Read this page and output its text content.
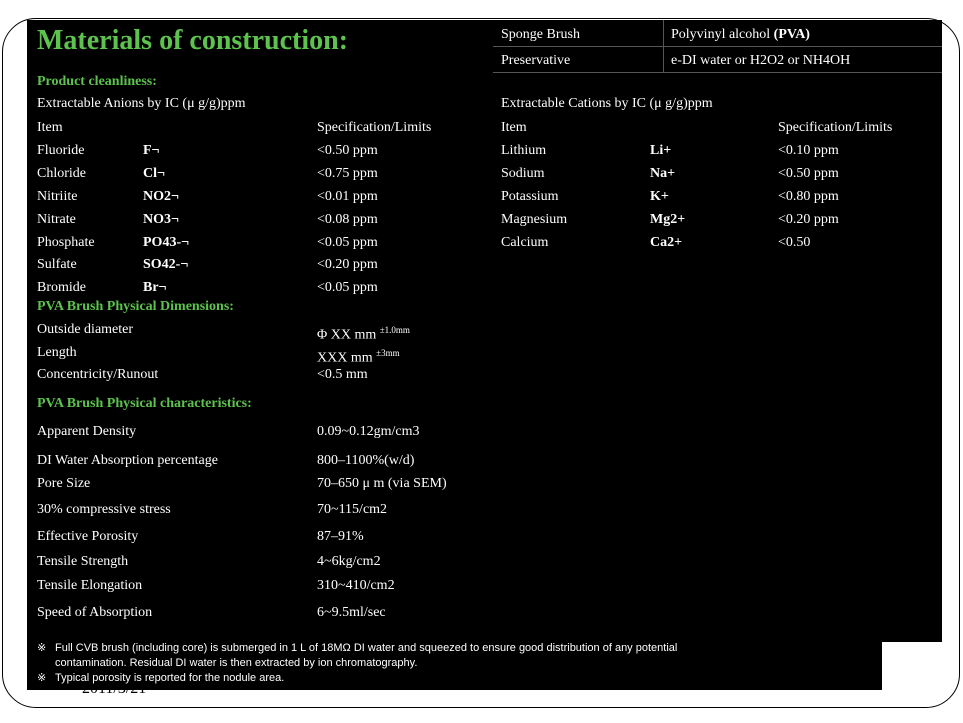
Materials of construction:	Sponge Brush	Polyvinyl alcohol (PVA)
Preservative	e-DI water or H2O2 or NH4OH
Product cleanliness:
Extractable Anions by IC (μ g/g)ppm	Extractable Cations by IC (μ g/g)ppm
Item	Specification/Limits	Item	Specification/Limits
Fluoride	F¬	<0.50 ppm
Chloride	Cl¬	<0.75 ppm
Nitriite	NO2¬	<0.01 ppm
Nitrate	NO3¬	<0.08 ppm
Phosphate	PO43-¬	<0.05 ppm
Sulfate	SO42-¬	<0.20 ppm
Bromide	Br¬	<0.05 ppm
Lithium	Li+	<0.10 ppm
Sodium	Na+	<0.50 ppm
Potassium	K+	<0.80 ppm
Magnesium	Mg2+	<0.20 ppm
Calcium	Ca2+	<0.50
PVA Brush Physical Dimensions:
Outside diameter	Φ XX mm $^{\pm 1.0mm}$
Length	XXX mm $^{\pm 3mm}$
Concentricity/Runout	<0.5 mm
PVA Brush Physical characteristics:
Apparent Density	0.09~0.12gm/cm3
DI Water Absorption percentage	800–1100%(w/d)
Pore Size	70–650 μ m (via SEM)
30% compressive stress	70~115/cm2
Effective Porosity	87–91%
Tensile Strength	4~6kg/cm2
Tensile Elongation	310~410/cm2
Speed of Absorption	6~9.5ml/sec
※ Full CVB brush (including core) is submerged in 1 L of 18MΩ DI water and squeezed to ensure good distribution of any potential
contamination. Residual DI water is then extracted by ion chromatography.
※ Typical porosity is reported for the nodule area.
